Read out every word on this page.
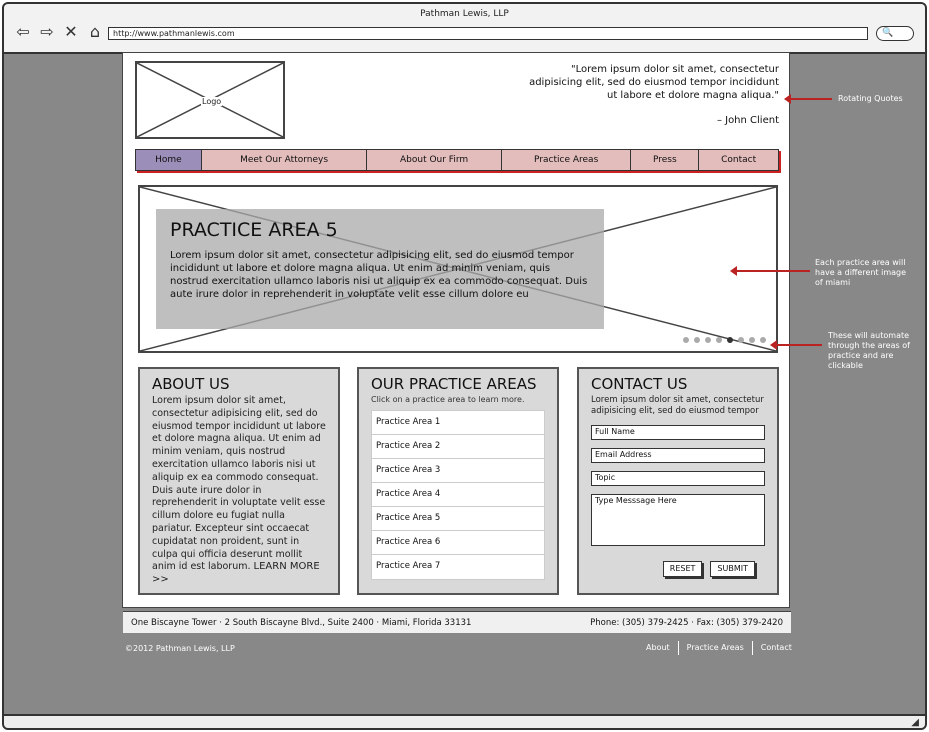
Pathman Lewis, LLP
⇦ ⇨ ✕ ⌂	http://www.pathmanlewis.com	🔍
◢
Logo
"Lorem ipsum dolor sit amet, consectetur adipisicing elit, sed do eiusmod tempor incididunt ut labore et dolore magna aliqua."
– John Client
Home	Meet Our Attorneys	About Our Firm	Practice Areas	Press	Contact
PRACTICE AREA 5
Lorem ipsum dolor sit amet, consectetur adipisicing elit, sed do eiusmod tempor incididunt ut labore et dolore magna aliqua. Ut enim ad minim veniam, quis nostrud exercitation ullamco laboris nisi ut aliquip ex ea commodo consequat. Duis aute irure dolor in reprehenderit in voluptate velit esse cillum dolore eu
ABOUT US
Lorem ipsum dolor sit amet, consectetur adipisicing elit, sed do eiusmod tempor incididunt ut labore et dolore magna aliqua. Ut enim ad minim veniam, quis nostrud exercitation ullamco laboris nisi ut aliquip ex ea commodo consequat. Duis aute irure dolor in reprehenderit in voluptate velit esse cillum dolore eu fugiat nulla pariatur. Excepteur sint occaecat cupidatat non proident, sunt in culpa qui officia deserunt mollit anim id est laborum. LEARN MORE >>
OUR PRACTICE AREAS
Click on a practice area to learn more.
Practice Area 1
Practice Area 2
Practice Area 3
Practice Area 4
Practice Area 5
Practice Area 6
Practice Area 7
CONTACT US
Lorem ipsum dolor sit amet, consectetur adipisicing elit, sed do eiusmod tempor
Full Name
Email Address
Topic
Type Messsage Here
RESET	SUBMIT
One Biscayne Tower · 2 South Biscayne Blvd., Suite 2400 · Miami, Florida 33131	Phone: (305) 379-2425 · Fax: (305) 379-2420
©2012 Pathman Lewis, LLP	About	Practice Areas	Contact
Rotating Quotes
Each practice area will have a different image of miami
These will automate through the areas of practice and are clickable
